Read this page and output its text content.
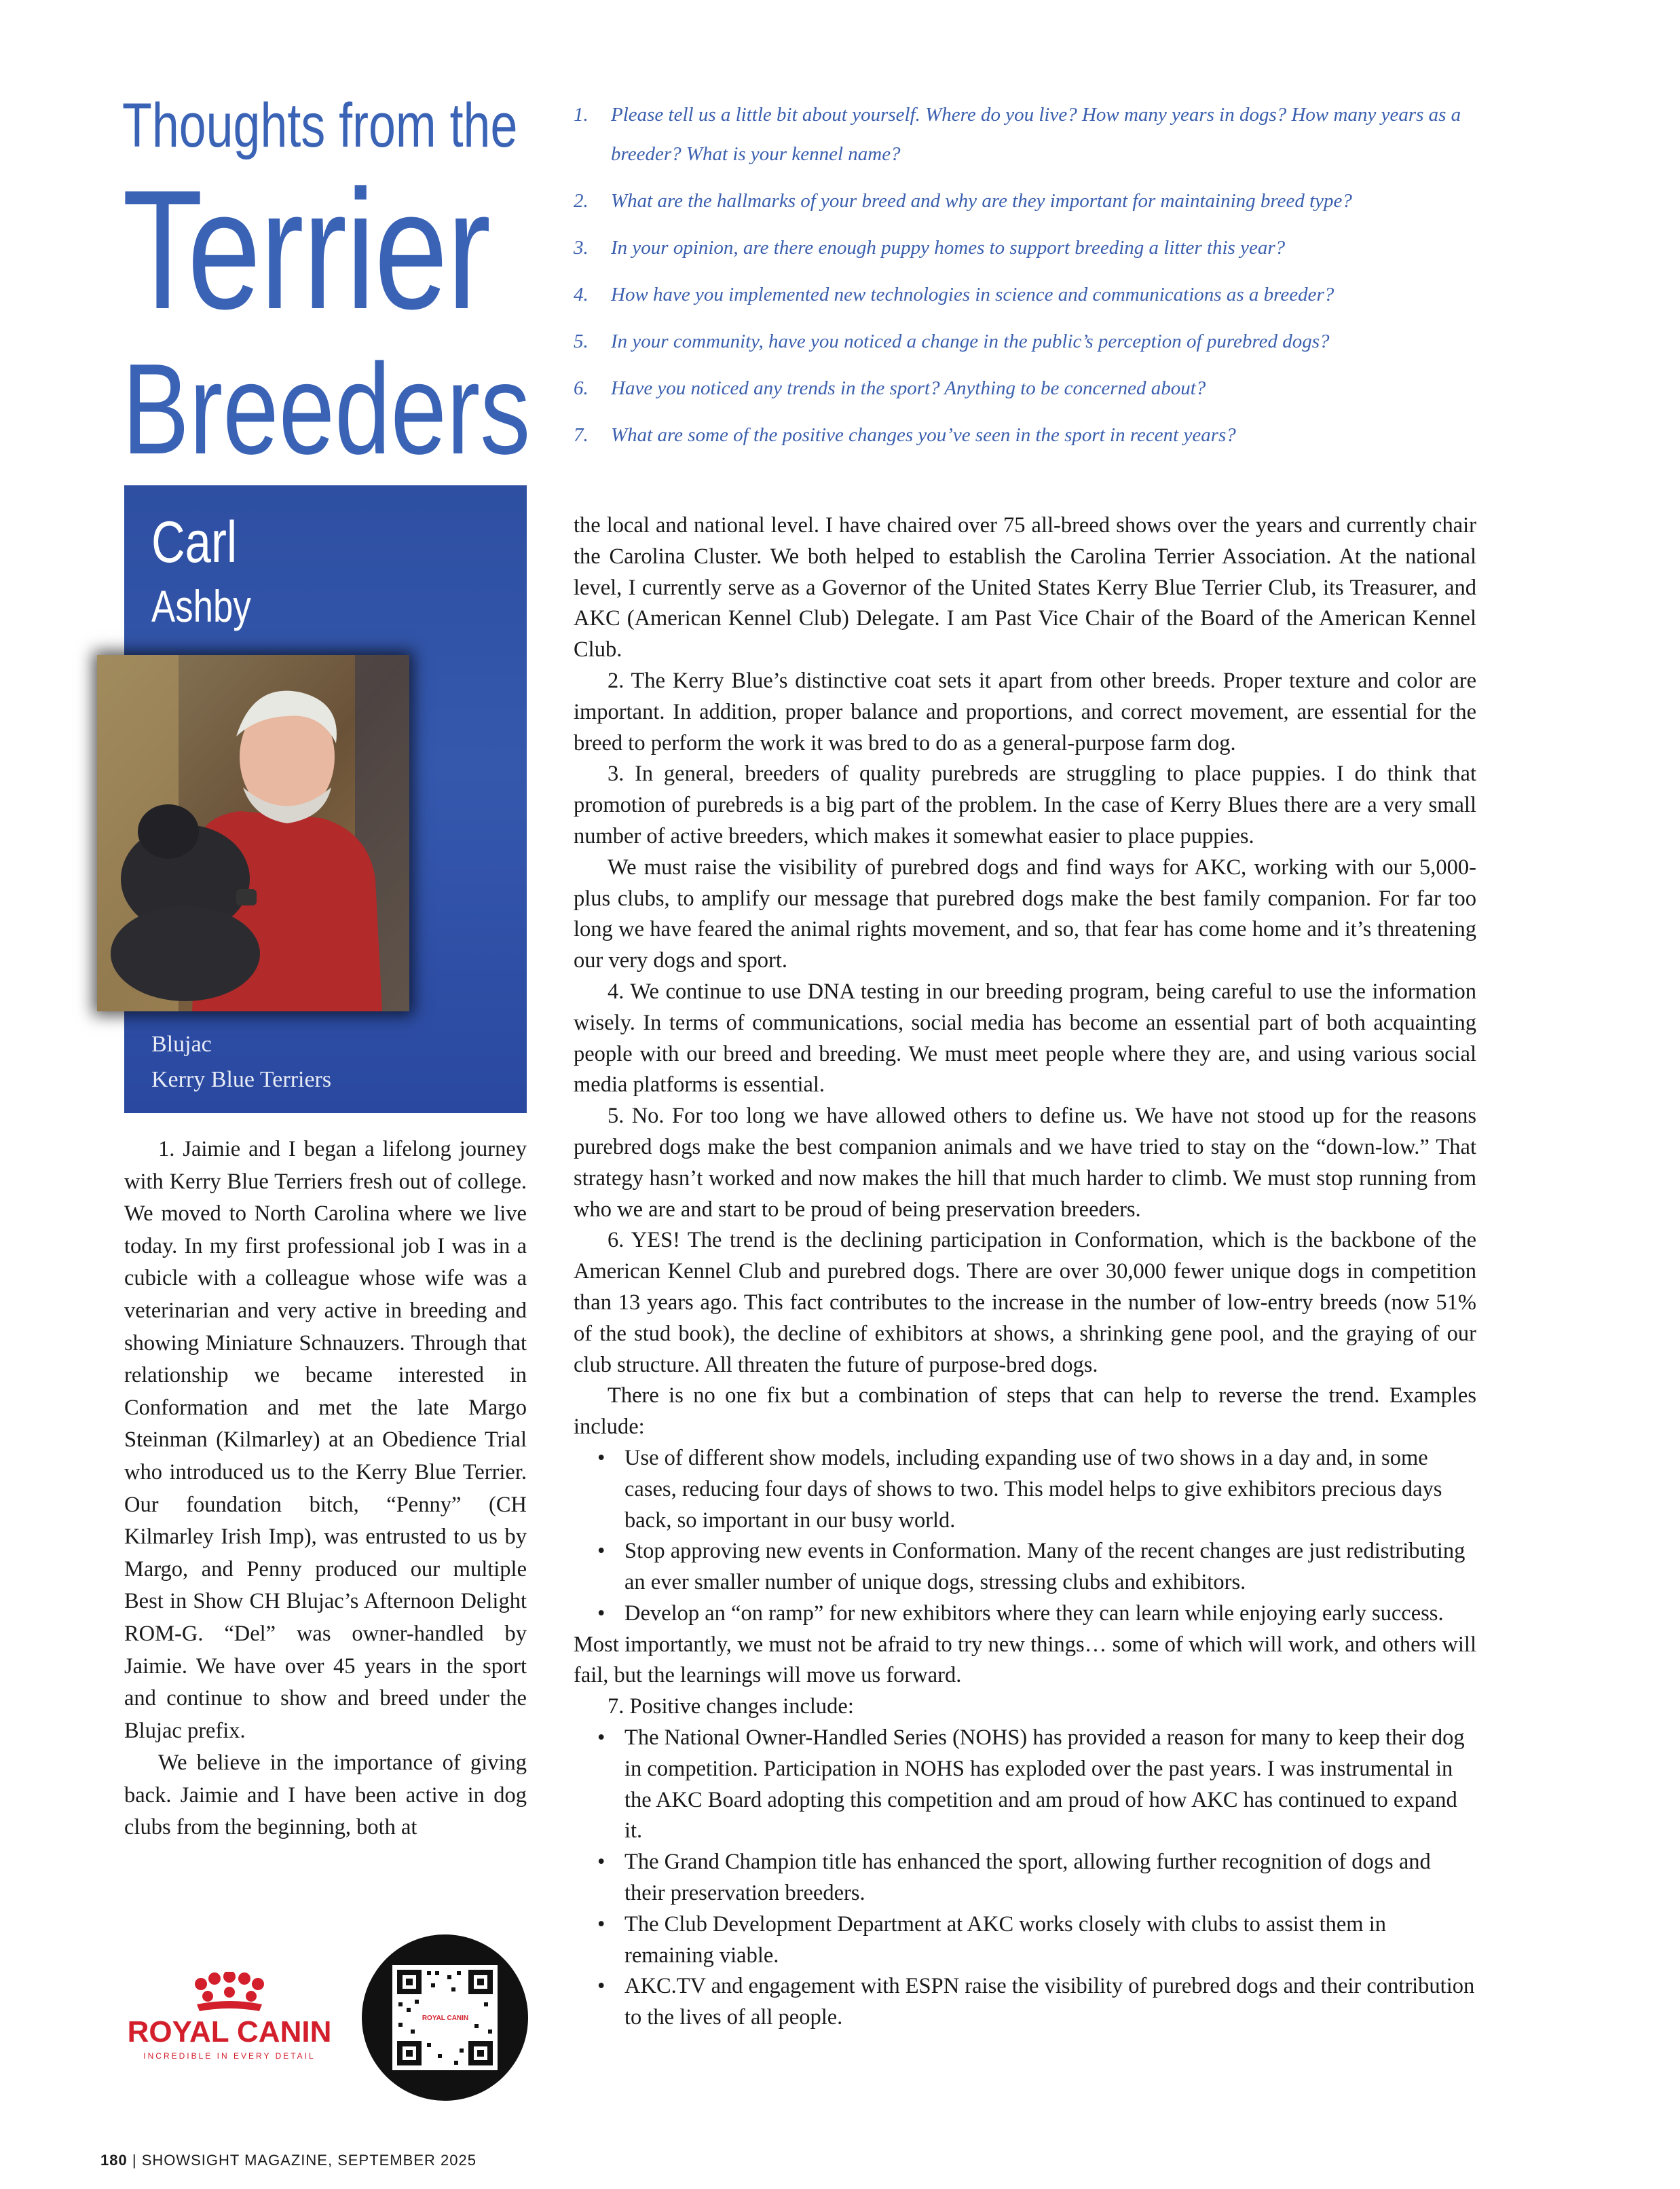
Thoughts from the
Terrier
Breeders
1. Please tell us a little bit about yourself. Where do you live? How many years in dogs? How many years as a breeder? What is your kennel name?
2. What are the hallmarks of your breed and why are they important for maintaining breed type?
3. In your opinion, are there enough puppy homes to support breeding a litter this year?
4. How have you implemented new technologies in science and communications as a breeder?
5. In your community, have you noticed a change in the public’s perception of purebred dogs?
6. Have you noticed any trends in the sport? Anything to be concerned about?
7. What are some of the positive changes you’ve seen in the sport in recent years?
Carl
Ashby
Blujac
Kerry Blue Terriers

1. Jaimie and I began a lifelong journey with Kerry Blue Terriers fresh out of college. We moved to North Carolina where we live today. In my first professional job I was in a cubicle with a colleague whose wife was a veterinarian and very active in breeding and showing Miniature Schnauzers. Through that relationship we became interested in Conformation and met the late Margo Steinman (Kilmarley) at an Obedience Trial who introduced us to the Kerry Blue Terrier. Our foundation bitch, “Penny” (CH Kilmarley Irish Imp), was entrusted to us by Margo, and Penny produced our multiple Best in Show CH Blujac’s Afternoon Delight ROM-G. “Del” was owner-handled by Jaimie. We have over 45 years in the sport and continue to show and breed under the Blujac prefix.

We believe in the importance of giving back. Jaimie and I have been active in dog clubs from the beginning, both at

the local and national level. I have chaired over 75 all-breed shows over the years and currently chair the Carolina Cluster. We both helped to establish the Carolina Terrier Association. At the national level, I currently serve as a Governor of the United States Kerry Blue Terrier Club, its Treasurer, and AKC (American Kennel Club) Delegate. I am Past Vice Chair of the Board of the American Kennel Club.

2. The Kerry Blue’s distinctive coat sets it apart from other breeds. Proper texture and color are important. In addition, proper balance and proportions, and correct movement, are essential for the breed to perform the work it was bred to do as a general-purpose farm dog.

3. In general, breeders of quality purebreds are struggling to place puppies. I do think that promotion of purebreds is a big part of the problem. In the case of Kerry Blues there are a very small number of active breeders, which makes it somewhat easier to place puppies.

We must raise the visibility of purebred dogs and find ways for AKC, working with our 5,000-plus clubs, to amplify our message that purebred dogs make the best family companion. For far too long we have feared the animal rights movement, and so, that fear has come home and it’s threatening our very dogs and sport.

4. We continue to use DNA testing in our breeding program, being careful to use the information wisely. In terms of communications, social media has become an essential part of both acquainting people with our breed and breeding. We must meet people where they are, and using various social media platforms is essential.

5. No. For too long we have allowed others to define us. We have not stood up for the reasons purebred dogs make the best companion animals and we have tried to stay on the “down-low.” That strategy hasn’t worked and now makes the hill that much harder to climb. We must stop running from who we are and start to be proud of being preservation breeders.

6. YES! The trend is the declining participation in Conformation, which is the backbone of the American Kennel Club and purebred dogs. There are over 30,000 fewer unique dogs in competition than 13 years ago. This fact contributes to the increase in the number of low-entry breeds (now 51% of the stud book), the decline of exhibitors at shows, a shrinking gene pool, and the graying of our club structure. All threaten the future of purpose-bred dogs.

There is no one fix but a combination of steps that can help to reverse the trend. Examples include:

• Use of different show models, including expanding use of two shows in a day and, in some cases, reducing four days of shows to two. This model helps to give exhibitors precious days back, so important in our busy world.
• Stop approving new events in Conformation. Many of the recent changes are just redistributing an ever smaller number of unique dogs, stressing clubs and exhibitors.
• Develop an “on ramp” for new exhibitors where they can learn while enjoying early success.

Most importantly, we must not be afraid to try new things… some of which will work, and others will fail, but the learnings will move us forward.

7. Positive changes include:

• The National Owner-Handled Series (NOHS) has provided a reason for many to keep their dog in competition. Participation in NOHS has exploded over the past years. I was instrumental in the AKC Board adopting this competition and am proud of how AKC has continued to expand it.
• The Grand Champion title has enhanced the sport, allowing further recognition of dogs and their preservation breeders.
• The Club Development Department at AKC works closely with clubs to assist them in remaining viable.
• AKC.TV and engagement with ESPN raise the visibility of purebred dogs and their contribution to the lives of all people.
ROYAL CANIN
INCREDIBLE IN EVERY DETAIL
ROYAL CANIN
180 | SHOWSIGHT MAGAZINE, SEPTEMBER 2025
